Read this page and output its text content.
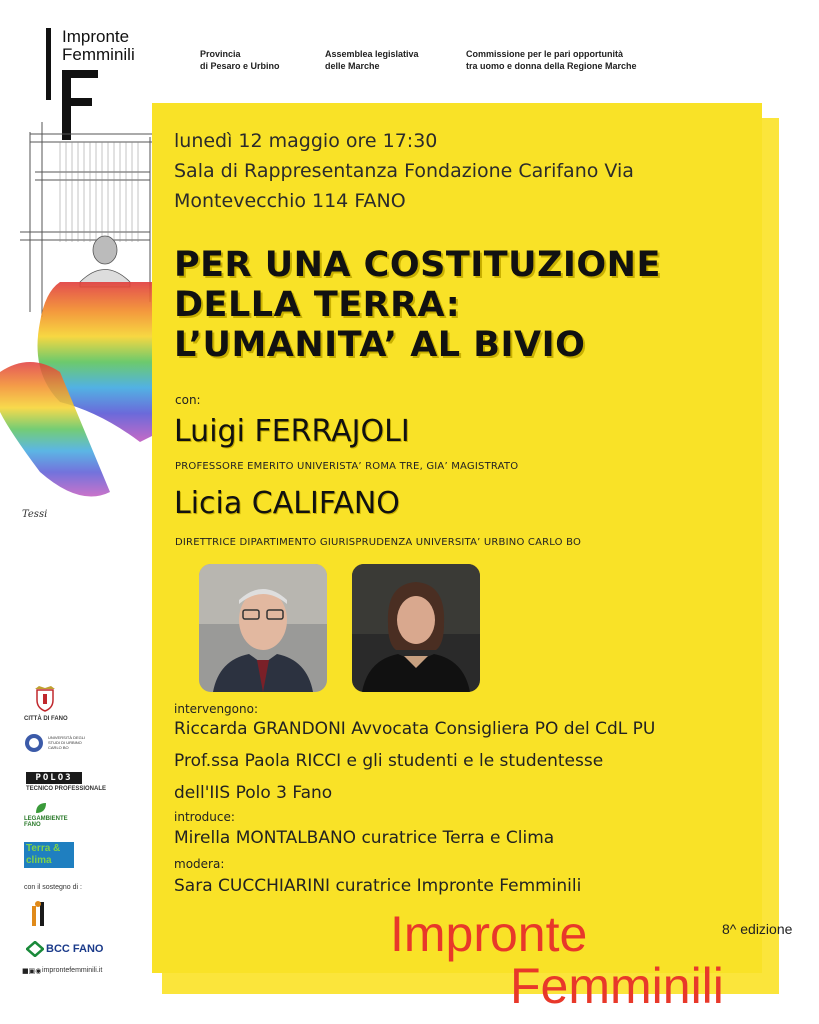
Impronte
Femminili	Provincia
di Pesaro e Urbino
Assemblea legislativa
delle Marche
Commissione per le pari opportunità
tra uomo e donna della Regione Marche
Tessi
lunedì 12 maggio ore 17:30
Sala di Rappresentanza Fondazione Carifano Via
Montevecchio 114 FANO
PER UNA COSTITUZIONE
DELLA TERRA:
L’UMANITA’ AL BIVIO
con:
Luigi FERRAJOLI
PROFESSORE EMERITO UNIVERISTA’ ROMA TRE, GIA’ MAGISTRATO
Licia CALIFANO
DIRETTRICE DIPARTIMENTO GIURISPRUDENZA UNIVERSITA’ URBINO CARLO BO
intervengono:
Riccarda GRANDONI Avvocata Consigliera PO del CdL PU
Prof.ssa Paola RICCI e gli studenti e le studentesse
dell'IIS Polo 3 Fano
introduce:
Mirella MONTALBANO curatrice Terra e Clima
modera:
Sara CUCCHIARINI curatrice Impronte Femminili
CITTÀ DI FANO
UNIVERSITÀ DEGLI STUDI DI URBINO CARLO BO
POLO3
TECNICO PROFESSIONALE
LEGAMBIENTE FANO
Terra & clima
con il sostegno di :
BCC FANO
■▣◉ improntefemminili.it
Impronte
Femminili
8^ edizione
